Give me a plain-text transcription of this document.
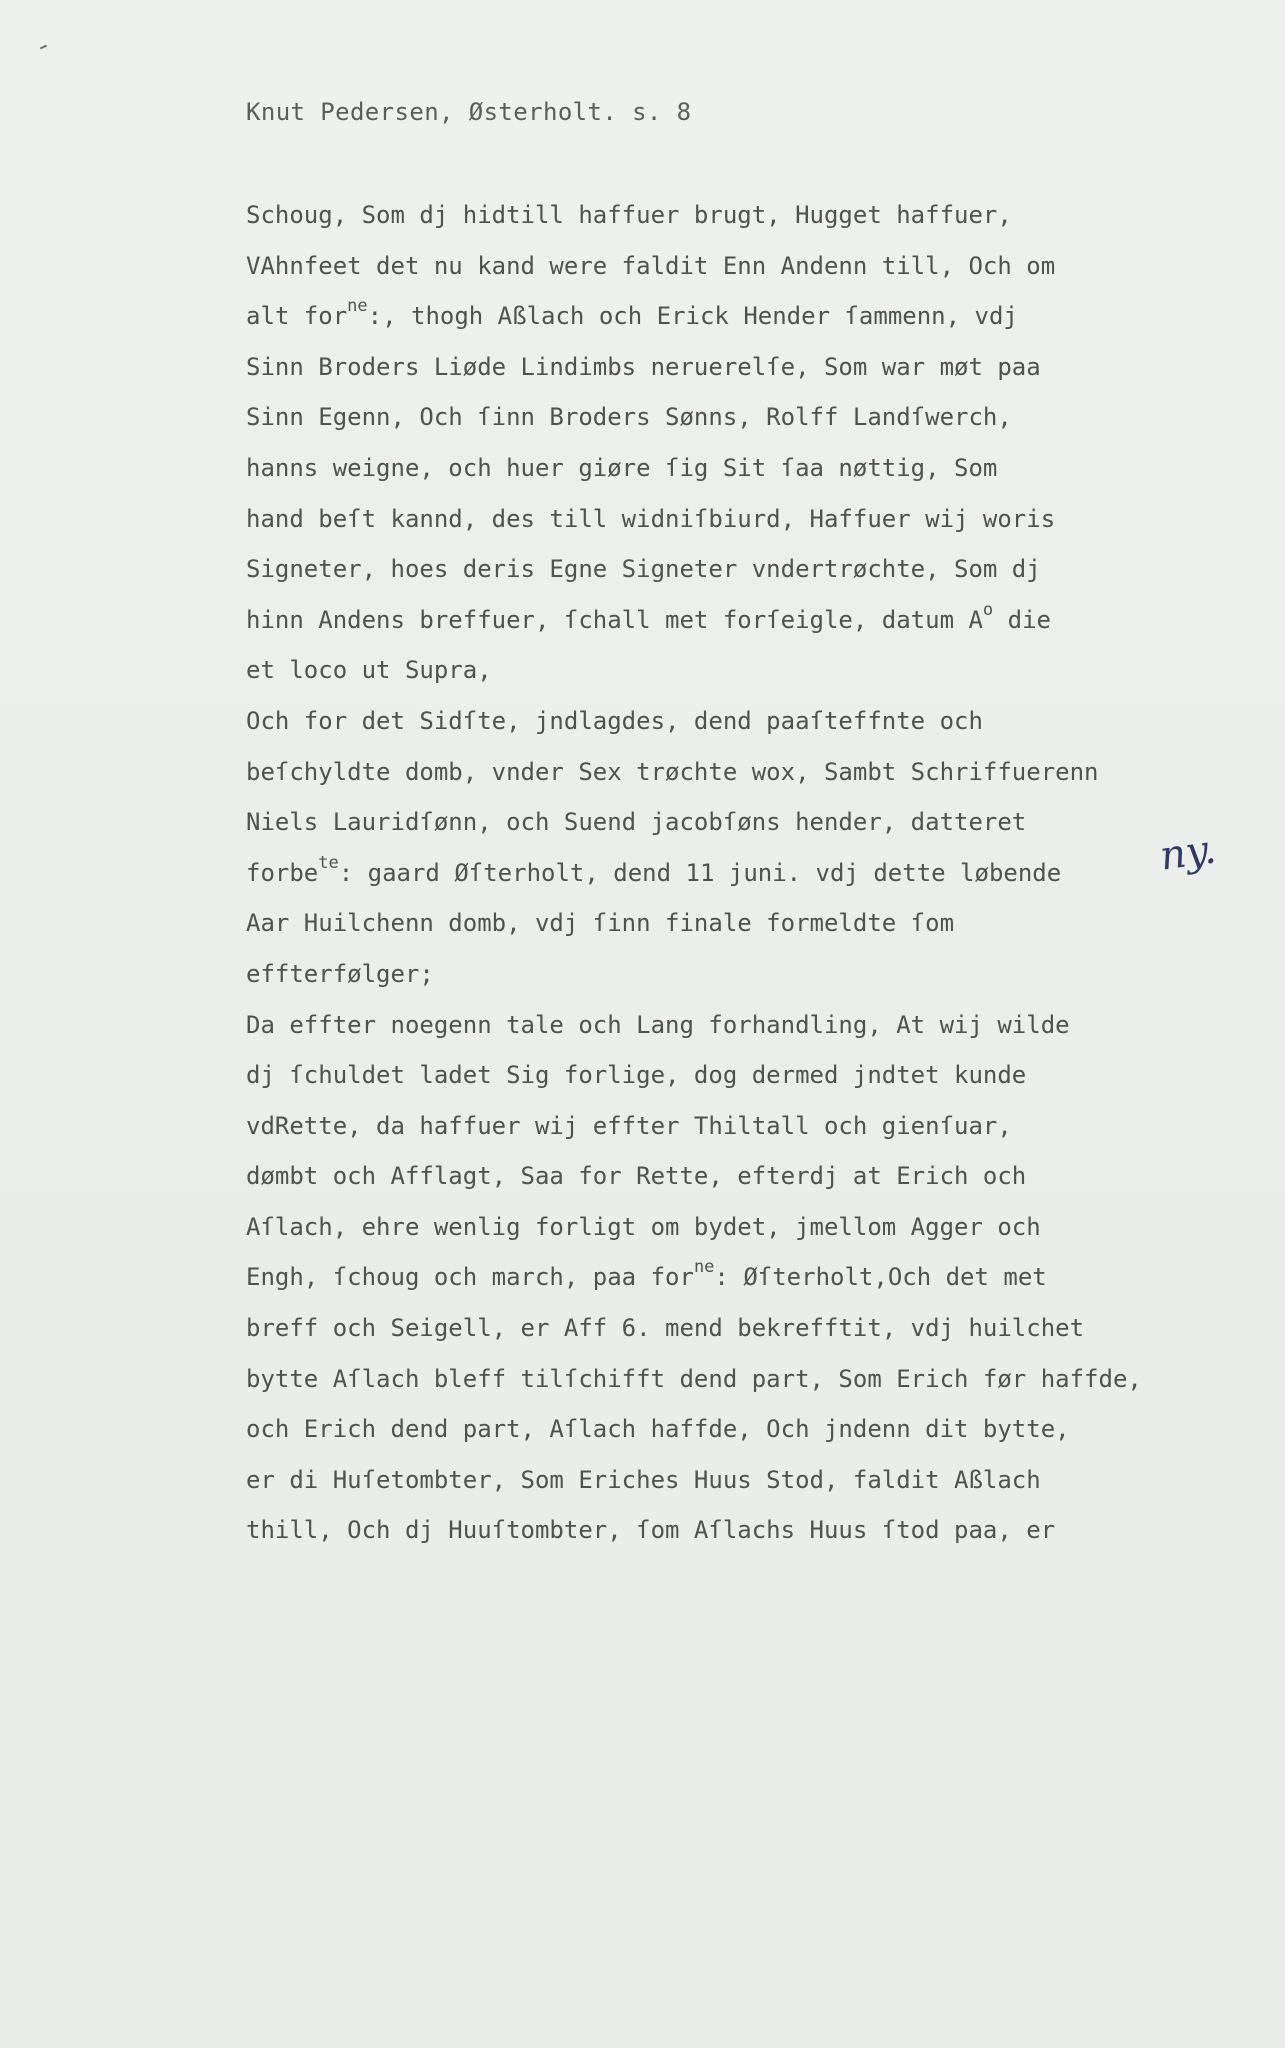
Knut Pedersen, Østerholt. s. 8
Schoug, Som dj hidtill haffuer brugt, Hugget haffuer,
VAhnfeet det nu kand were faldit Enn Andenn till, Och om
alt for$^{ne}$:, thogh Aßlach och Erick Hender ſammenn, vdj
Sinn Broders Liøde Lindimbs neruerelſe, Som war møt paa
Sinn Egenn, Och ſinn Broders Sønns, Rolff Landſwerch,
hanns weigne, och huer giøre ſig Sit ſaa nøttig, Som
hand beſt kannd, des till widniſbiurd, Haffuer wij woris
Signeter, hoes deris Egne Signeter vndertrøchte, Som dj
hinn Andens breffuer, ſchall met forſeigle, datum $A^o$ die
et loco ut Supra,
Och for det Sidſte, jndlagdes, dend paaſteffnte och
beſchyldte domb, vnder Sex trøchte wox, Sambt Schriffuerenn
Niels Lauridſønn, och Suend jacobſøns hender, datteret
forbe$^{te}$: gaard Øſterholt, dend 11 juni. vdj dette løbende
Aar Huilchenn domb, vdj ſinn finale formeldte ſom
effterfølger;
Da effter noegenn tale och Lang forhandling, At wij wilde
dj ſchuldet ladet Sig forlige, dog dermed jndtet kunde
vdRette, da haffuer wij effter Thiltall och gienſuar,
dømbt och Afflagt, Saa for Rette, efterdj at Erich och
Aſlach, ehre wenlig forligt om bydet, jmellom Agger och
Engh, ſchoug och march, paa for$^{ne}$: Øſterholt,Och det met
breff och Seigell, er Aff 6. mend bekrefftit, vdj huilchet
bytte Aſlach bleff tilſchifft dend part, Som Erich før haffde,
och Erich dend part, Aſlach haffde, Och jndenn dit bytte,
er di Huſetombter, Som Eriches Huus Stod, faldit Aßlach
thill, Och dj Huuſtombter, ſom Aſlachs Huus ſtod paa, er
ny.
